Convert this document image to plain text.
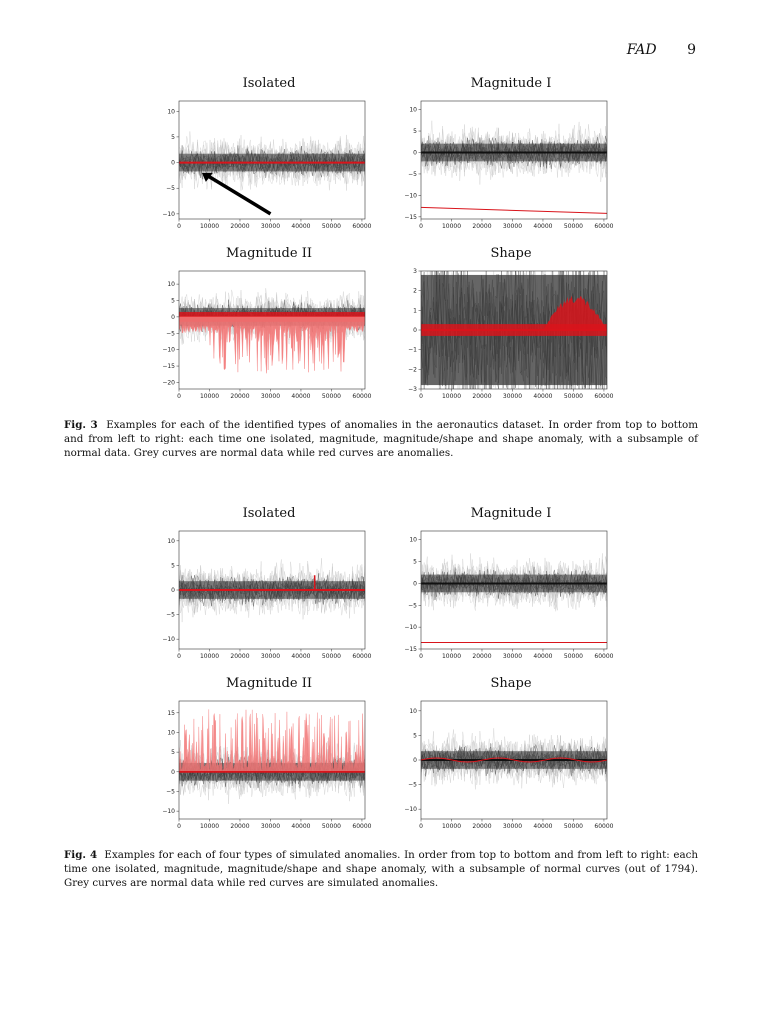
FAD 9
Isolated
0	10000 20000 30000 40000 50000 60000
−10
−5
0
5
10
Magnitude I
0	10000 20000 30000 40000 50000 60000
−15
−10
−5
0
5
10
Magnitude II
0	10000 20000 30000 40000 50000 60000
−20
−15
−10
−5
0
5
10
Shape
0	10000 20000 30000 40000 50000 60000
−3
−2
−1
0
1
2
3
Fig. 3 Examples for each of the identified types of anomalies in the aeronautics dataset. In order from top to bottom and from left to right: each time one isolated, magnitude, magnitude/shape and shape anomaly, with a subsample of normal data. Grey curves are normal data while red curves are anomalies.
Isolated
0	10000 20000 30000 40000 50000 60000
−10
−5
0
5
10
Magnitude I
0	10000 20000 30000 40000 50000 60000
−15
−10
−5
0
5
10
Magnitude II
0	10000 20000 30000 40000 50000 60000
−10
−5
0
5
10
15
Shape
0	10000 20000 30000 40000 50000 60000
−10
−5
0
5
10
Fig. 4 Examples for each of four types of simulated anomalies. In order from top to bottom and from left to right: each time one isolated, magnitude, magnitude/shape and shape anomaly, with a subsample of normal curves (out of 1794). Grey curves are normal data while red curves are simulated anomalies.
